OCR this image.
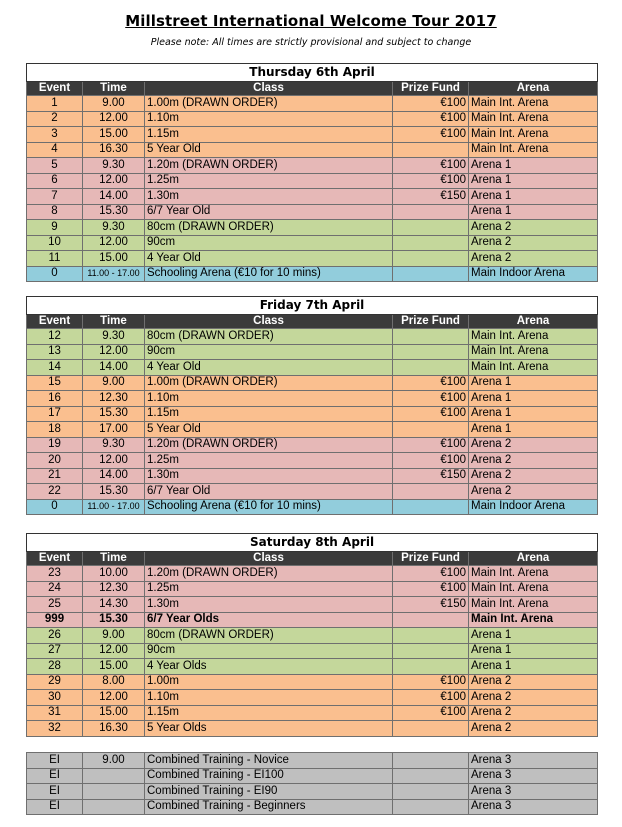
Millstreet International Welcome Tour 2017
Please note: All times are strictly provisional and subject to change
Thursday 6th April				
Event	Time	Class	Prize Fund	Arena
1	9.00	1.00m (DRAWN ORDER)	€100	Main Int. Arena
2	12.00	1.10m	€100	Main Int. Arena
3	15.00	1.15m	€100	Main Int. Arena
4	16.30	5 Year Old		Main Int. Arena
5	9.30	1.20m (DRAWN ORDER)	€100	Arena 1
6	12.00	1.25m	€100	Arena 1
7	14.00	1.30m	€150	Arena 1
8	15.30	6/7 Year Old		Arena 1
9	9.30	80cm (DRAWN ORDER)		Arena 2
10	12.00	90cm		Arena 2
11	15.00	4 Year Old		Arena 2
0	11.00 - 17.00	Schooling Arena (€10 for 10 mins)		Main Indoor Arena
Friday 7th April				
Event	Time	Class	Prize Fund	Arena
12	9.30	80cm (DRAWN ORDER)		Main Int. Arena
13	12.00	90cm		Main Int. Arena
14	14.00	4 Year Old		Main Int. Arena
15	9.00	1.00m (DRAWN ORDER)	€100	Arena 1
16	12.30	1.10m	€100	Arena 1
17	15.30	1.15m	€100	Arena 1
18	17.00	5 Year Old		Arena 1
19	9.30	1.20m (DRAWN ORDER)	€100	Arena 2
20	12.00	1.25m	€100	Arena 2
21	14.00	1.30m	€150	Arena 2
22	15.30	6/7 Year Old		Arena 2
0	11.00 - 17.00	Schooling Arena (€10 for 10 mins)		Main Indoor Arena
Saturday 8th April				
Event	Time	Class	Prize Fund	Arena
23	10.00	1.20m (DRAWN ORDER)	€100	Main Int. Arena
24	12.30	1.25m	€100	Main Int. Arena
25	14.30	1.30m	€150	Main Int. Arena
999	15.30	6/7 Year Olds		Main Int. Arena
26	9.00	80cm (DRAWN ORDER)		Arena 1
27	12.00	90cm		Arena 1
28	15.00	4 Year Olds		Arena 1
29	8.00	1.00m	€100	Arena 2
30	12.00	1.10m	€100	Arena 2
31	15.00	1.15m	€100	Arena 2
32	16.30	5 Year Olds		Arena 2
EI	9.00	Combined Training - Novice		Arena 3
EI		Combined Training - EI100		Arena 3
EI		Combined Training - EI90		Arena 3
EI		Combined Training - Beginners		Arena 3
